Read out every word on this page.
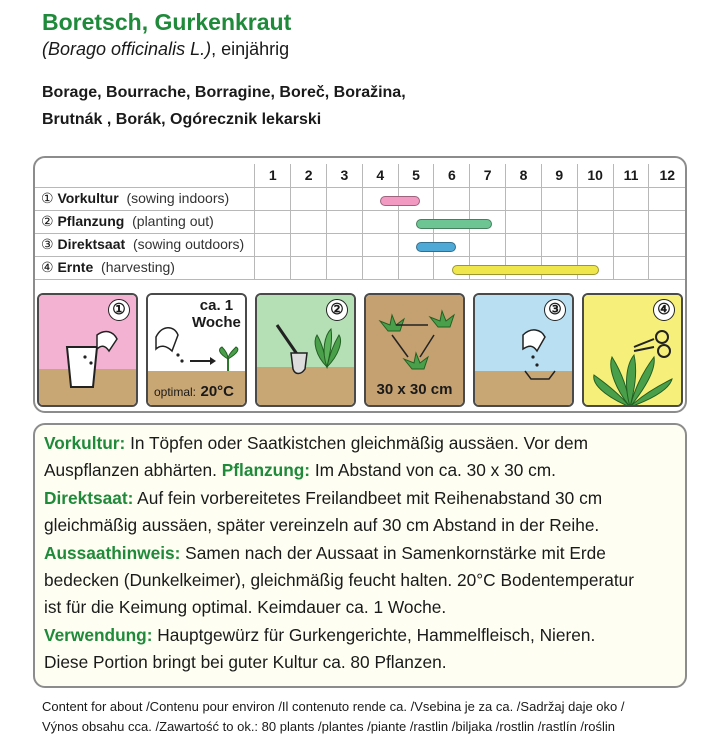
Boretsch, Gurkenkraut
(Borago officinalis L.), einjährig
Borage, Bourrache, Borragine, Boreč, Boražina,
Brutnák , Borák, Ogórecznik lekarski
	1	2	3	4	5	6	7	8	9	10	11	12
① Vorkultur (sowing indoors)												
② Pflanzung (planting out)												
③ Direktsaat (sowing outdoors)												
④ Ernte (harvesting)												
①	ca. 1
Woche
optimal: 20°C
②
30 x 30 cm
③	④

Vorkultur: In Töpfen oder Saatkistchen gleichmäßig aussäen. Vor dem

Auspflanzen abhärten. Pflanzung: Im Abstand von ca. 30 x 30 cm.

Direktsaat: Auf fein vorbereitetes Freilandbeet mit Reihenabstand 30 cm

gleichmäßig aussäen, später vereinzeln auf 30 cm Abstand in der Reihe.

Aussaathinweis: Samen nach der Aussaat in Samenkornstärke mit Erde

bedecken (Dunkelkeimer), gleichmäßig feucht halten. 20°C Bodentemperatur

ist für die Keimung optimal. Keimdauer ca. 1 Woche.

Verwendung: Hauptgewürz für Gurkengerichte, Hammelfleisch, Nieren.

Diese Portion bringt bei guter Kultur ca. 80 Pflanzen.

Content for about /Contenu pour environ /Il contenuto rende ca. /Vsebina je za ca. /Sadržaj daje oko /
Výnos obsahu cca. /Zawartość to ok.: 80 plants /plantes /piante /rastlin /biljaka /rostlin /rastlín /roślin
